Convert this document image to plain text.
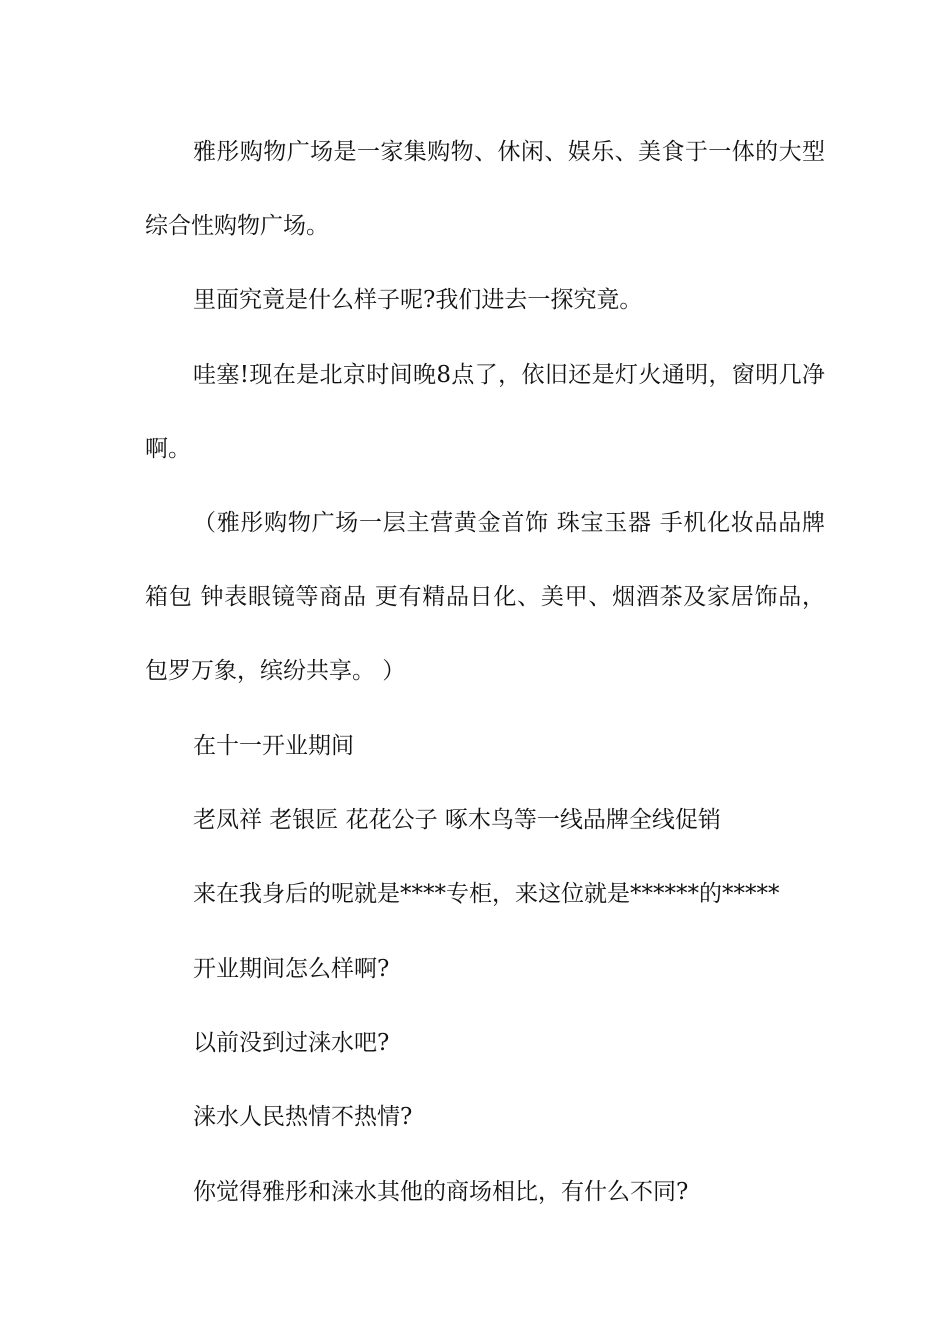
雅彤购物广场是一家集购物、休闲、娱乐、美食于一体的大型综合性购物广场。

里面究竟是什么样子呢?我们进去一探究竟。

哇塞!现在是北京时间晚8点了，依旧还是灯火通明，窗明几净啊。

（雅彤购物广场一层主营黄金首饰 珠宝玉器 手机化妆品品牌箱包 钟表眼镜等商品 更有精品日化、美甲、烟酒茶及家居饰品，包罗万象，缤纷共享。 ）

在十一开业期间

老凤祥 老银匠 花花公子 啄木鸟等一线品牌全线促销

来在我身后的呢就是****专柜，来这位就是******的*****

开业期间怎么样啊?

以前没到过涞水吧?

涞水人民热情不热情?

你觉得雅彤和涞水其他的商场相比，有什么不同?
